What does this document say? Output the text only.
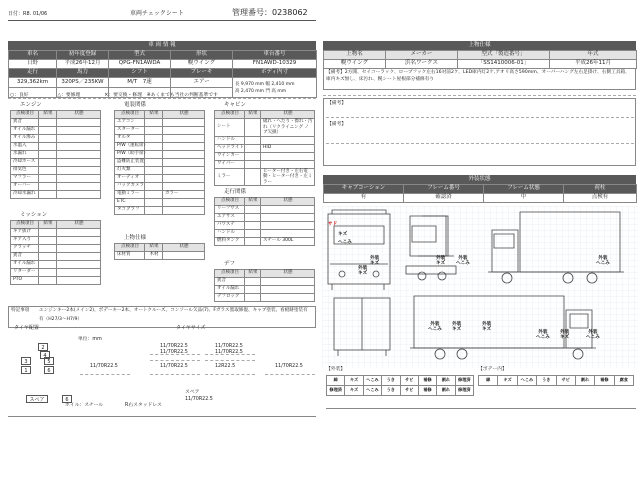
日付：R8. 01/06	車両チェックシート	管理番号：0238062
車 両 情 報
車名	初年度登録	型式	形状	車台番号
日野	平成26年12月	QPG-FN1AWDA	幌ウイング	FN1AWD-10329
走行	馬力	シフト	ブレーキ	ボディ内寸
329,362km	320PS／235KW	M/T　7速	エアー	長 9,970 mm 幅 2,410 mm
高 2,470 mm 門 高 mm

○：良好　　　　　　	△：要修理　　　　　	×：要交換・修理　 ※あくまでも当社の判断基準です
エンジン
点検項目	結果	状態
異音		
オイル漏れ		
オイル滲み		
水温入		
水漏れ		
冷却ホース		
排気色		
マフラー		
オーバー		
冷却水漏れ		
電装関係
点検項目	結果	状態
エアコン		
スターター		
オルタ		
P/W（運転席）		
P/W（助手席）		
盗難防止装置		
灯火類		
オーディオ		
バックカメラ		
電動ミラー		カラー
ETC		
タコグラフ		
キャビン
点検項目	結果	状態
シート		破れ・へたり・擦れ・汚れ（リクライニング ノブ欠損）
ハンドル		
ヘッドライト		HID
ウインカー		
ワイパー		
ミラー		ヒーター付き・左右電動・ヒーター付き・左ミラー
走行関係
点検項目	結果	状態
リーフサス		
エアサス		
パワステ		
ハンドル		
燃料タンク		スチール 300L
ミッション
点検項目	結果	状態
ギア抜け		
ギア入り		
クラッチ		
異音		
オイル漏れ		
リターダー		
PTO		
上物仕様
点検項目	結果	状態
床材質	木材	
デフ
点検項目	結果	状態
異音		
オイル漏れ		
デフロック		
特記事項 エンジンキー2本(メイン2)、ボデーキー2本、オートクルーズ、コンソール欠品(7)、Fガラス曇取修復、キャブ塗装、看板跡塗装有
有（H27/3〜H7/9）
タイヤ配置	タイヤサイズ
単位：mm
2
4
3	5
1	6
スペア	6
11/70R22.5	11/70R22.5
11/70R22.5	11/70R22.5
11/70R22.5	11/70R22.5	12R22.5	11/70R22.5
ホイル：スチール	R右スタッドレス
スペア
11/70R22.5
上物仕様
上物名	メーカー	型式「製造番号」	年式
幌ウイング	浜名ワークス	「SS1410006-01」	平成26年11月
【備考】2方開、セイコーラック、ロープフック左右16対前2ケ、LED庫内灯2ケ,アオリ高さ590mm、オーバーハング左右足掛け、右側工具箱、庫内キズ無し、床汚れ、幌シート屋根部分補修有り
【備考】
【備考】
外装状態
キャブコーション	フレーム番号	フレーム状態	荷柱
有	確認済	中	点検有
サド
キズ
へこみ
外装
キズ
外装
キズ
外装
キズ
外装
へこみ
外装
へこみ
外装
へこみ
外装
キズ
外装
キズ
外装
へこみ
外装
キズ
外装
へこみ
【外装】	【ボデー内】
線	キズ	へこみ	うき	サビ	補修	割れ	修理済
修理済	キズ	へこみ	うき	サビ	補修	割れ	修理済
線	キズ	へこみ	うき	サビ	割れ	補修	腐食
